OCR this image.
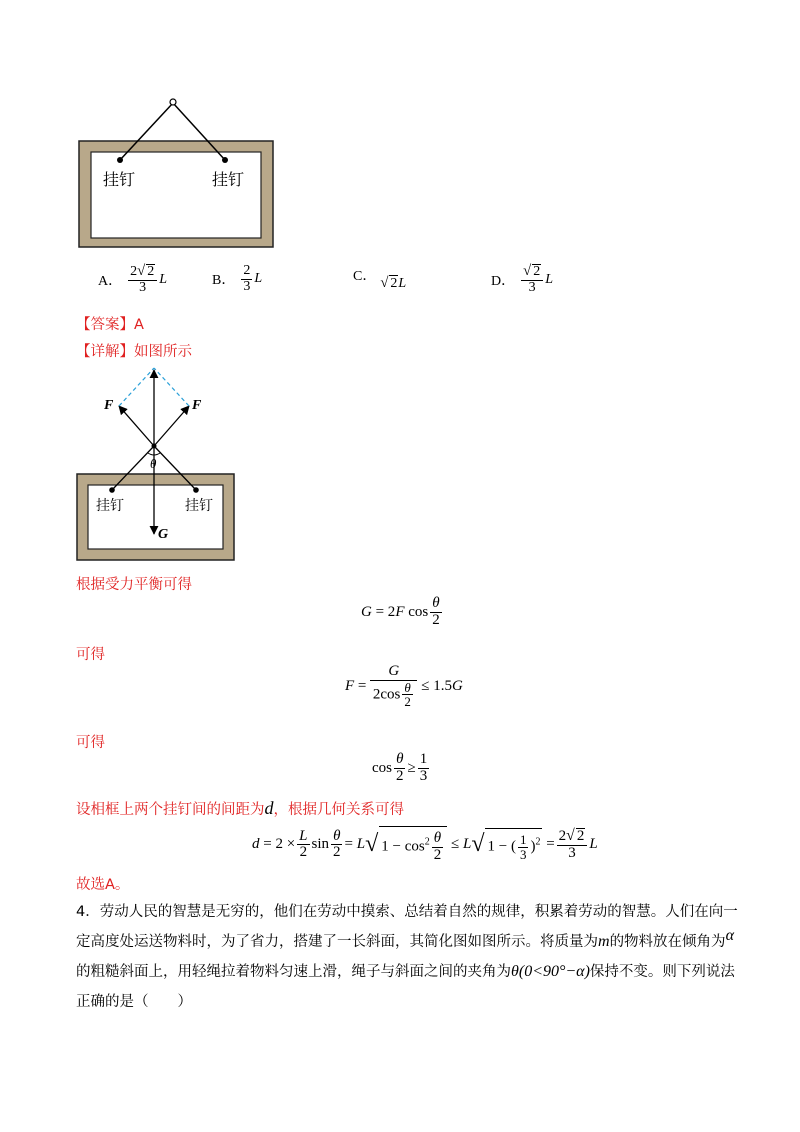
挂钉	挂钉
A． $\frac{2√ 2}{3}$ L	B． $\frac{2}{3}$ L	C． √ 2L	D． $\frac{√ 2}{3}$ L
【答案】A
【详解】如图所示
F	F
θ
G
挂钉	挂钉
根据受力平衡可得
G = 2 F $\cos \frac{\theta}{2}$
可得
$F = \frac{G}{2\cos \frac{\theta}{2}} \le 1.5$ G
可得
$\cos \frac{\theta}{2} \ge \frac{1}{3}$
设相框上两个挂钉间的间距为d，根据几何关系可得
$d = 2 \times \frac{L}{2}$ $\sin \frac{\theta}{2} = L$ √ $1 - \cos^2 \frac{\theta}{2} \le L$ √ 1 − ( $\frac{1}{3} )^2 = \frac{2√ 2}{3}$ L
故选A。
4．劳动人民的智慧是无穷的，他们在劳动中摸索、总结着自然的规律，积累着劳动的智慧。人们在向一
定高度处运送物料时，为了省力，搭建了一长斜面，其简化图如图所示。将质量为m的物料放在倾角为α
的粗糙斜面上，用轻绳拉着物料匀速上滑，绳子与斜面之间的夹角为θ(0<90°−α)保持不变。则下列说法
正确的是（　　）
